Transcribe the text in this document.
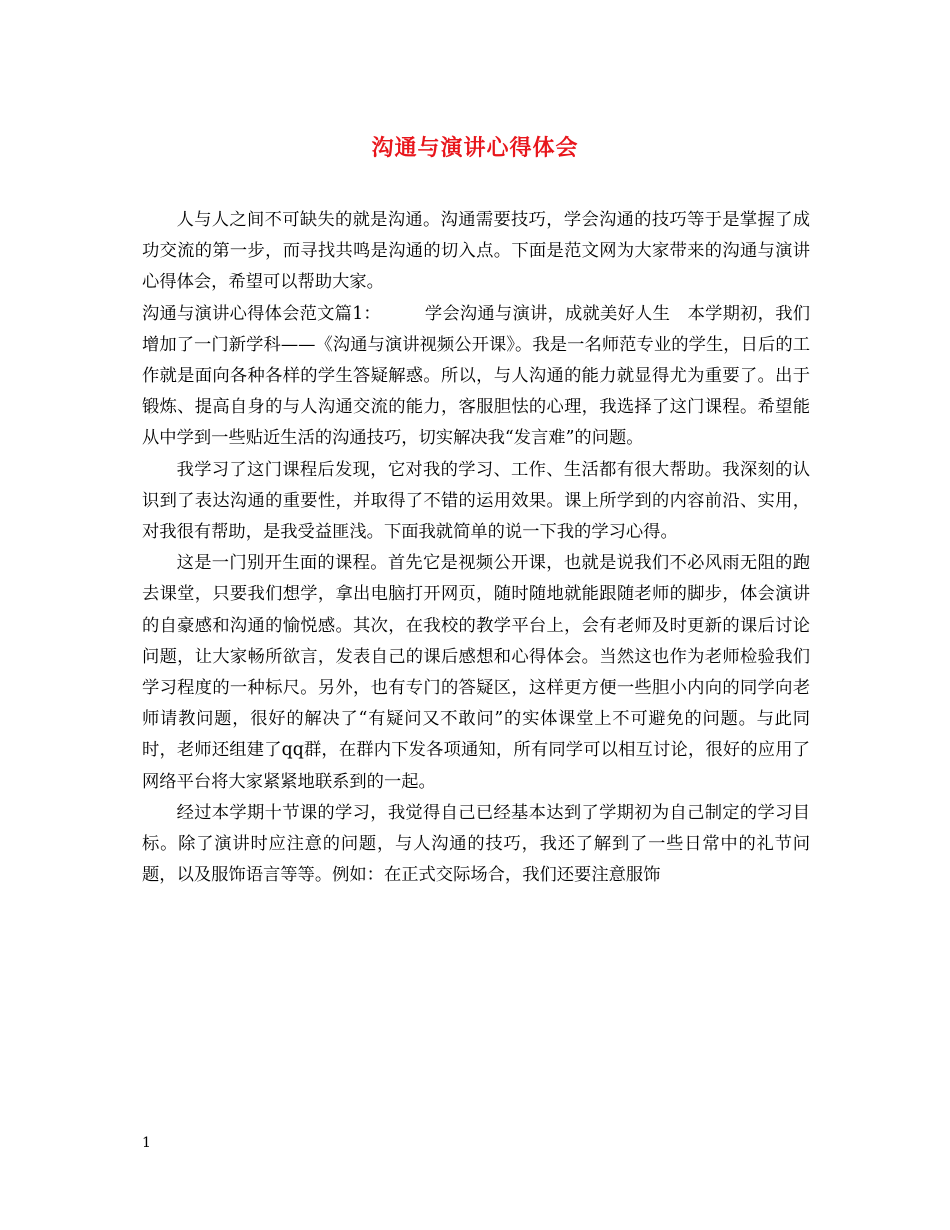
沟通与演讲心得体会

人与人之间不可缺失的就是沟通。沟通需要技巧，学会沟通的技巧等于是掌握了成功交流的第一步，而寻找共鸣是沟通的切入点。下面是范文网为大家带来的沟通与演讲心得体会，希望可以帮助大家。

沟通与演讲心得体会范文篇1：　　　学会沟通与演讲，成就美好人生　本学期初，我们增加了一门新学科——《沟通与演讲视频公开课》。我是一名师范专业的学生，日后的工作就是面向各种各样的学生答疑解惑。所以，与人沟通的能力就显得尤为重要了。出于锻炼、提高自身的与人沟通交流的能力，客服胆怯的心理，我选择了这门课程。希望能从中学到一些贴近生活的沟通技巧，切实解决我“发言难”的问题。

我学习了这门课程后发现，它对我的学习、工作、生活都有很大帮助。我深刻的认识到了表达沟通的重要性，并取得了不错的运用效果。课上所学到的内容前沿、实用，对我很有帮助，是我受益匪浅。下面我就简单的说一下我的学习心得。

这是一门别开生面的课程。首先它是视频公开课，也就是说我们不必风雨无阻的跑去课堂，只要我们想学，拿出电脑打开网页，随时随地就能跟随老师的脚步，体会演讲的自豪感和沟通的愉悦感。其次，在我校的教学平台上，会有老师及时更新的课后讨论问题，让大家畅所欲言，发表自己的课后感想和心得体会。当然这也作为老师检验我们学习程度的一种标尺。另外，也有专门的答疑区，这样更方便一些胆小内向的同学向老师请教问题，很好的解决了“有疑问又不敢问”的实体课堂上不可避免的问题。与此同时，老师还组建了qq群，在群内下发各项通知，所有同学可以相互讨论，很好的应用了网络平台将大家紧紧地联系到的一起。

经过本学期十节课的学习，我觉得自己已经基本达到了学期初为自己制定的学习目标。除了演讲时应注意的问题，与人沟通的技巧，我还了解到了一些日常中的礼节问题，以及服饰语言等等。例如：在正式交际场合，我们还要注意服饰

1
